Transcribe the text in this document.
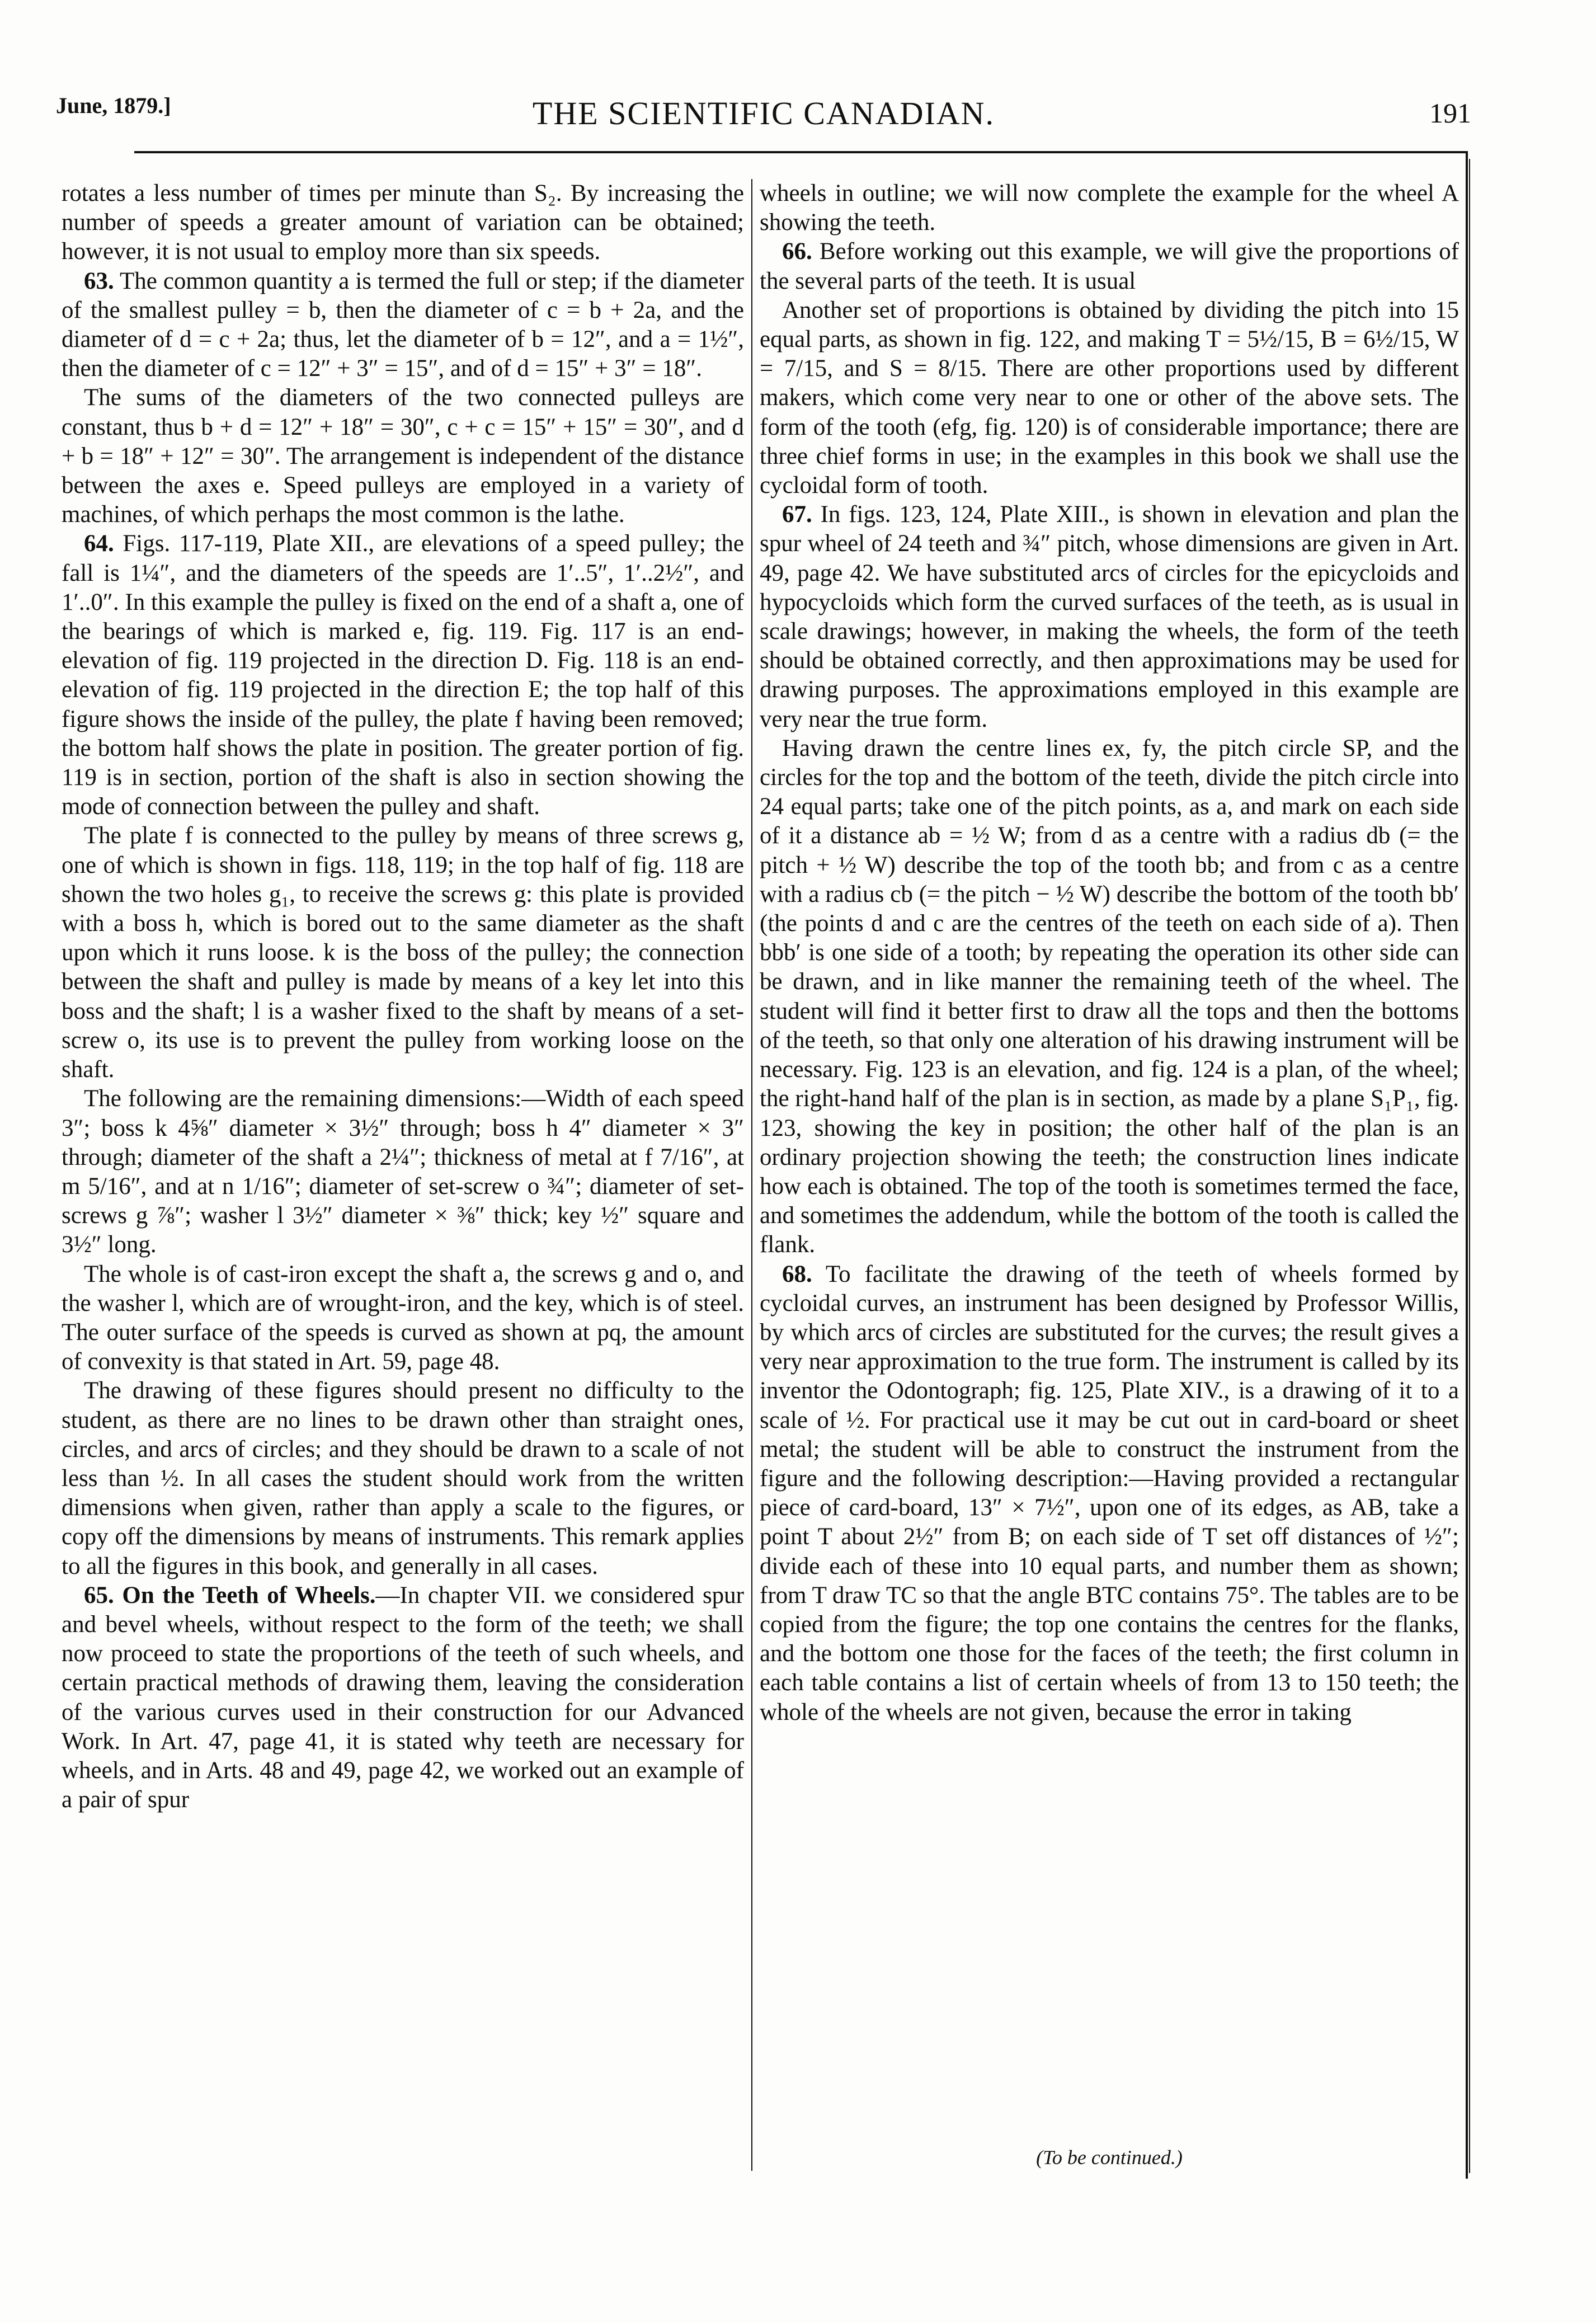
June, 1879.]	THE SCIENTIFIC CANADIAN.	191

rotates a less number of times per minute than S₂. By increasing the number of speeds a greater amount of variation can be obtained; however, it is not usual to employ more than six speeds.

63. The common quantity a is termed the full or step; if the diameter of the smallest pulley = b, then the diameter of c = b + 2a, and the diameter of d = c + 2a; thus, let the diameter of b = 12″, and a = 1½″, then the diameter of c = 12″ + 3″ = 15″, and of d = 15″ + 3″ = 18″.

The sums of the diameters of the two connected pulleys are constant, thus b + d = 12″ + 18″ = 30″, c + c = 15″ + 15″ = 30″, and d + b = 18″ + 12″ = 30″. The arrangement is independent of the distance between the axes e. Speed pulleys are employed in a variety of machines, of which perhaps the most common is the lathe.

64. Figs. 117-119, Plate XII., are elevations of a speed pulley; the fall is 1¼″, and the diameters of the speeds are 1′..5″, 1′..2½″, and 1′..0″. In this example the pulley is fixed on the end of a shaft a, one of the bearings of which is marked e, fig. 119. Fig. 117 is an end-elevation of fig. 119 projected in the direction D. Fig. 118 is an end-elevation of fig. 119 projected in the direction E; the top half of this figure shows the inside of the pulley, the plate f having been removed; the bottom half shows the plate in position. The greater portion of fig. 119 is in section, portion of the shaft is also in section showing the mode of connection between the pulley and shaft.

The plate f is connected to the pulley by means of three screws g, one of which is shown in figs. 118, 119; in the top half of fig. 118 are shown the two holes g₁, to receive the screws g: this plate is provided with a boss h, which is bored out to the same diameter as the shaft upon which it runs loose. k is the boss of the pulley; the connection between the shaft and pulley is made by means of a key let into this boss and the shaft; l is a washer fixed to the shaft by means of a set-screw o, its use is to prevent the pulley from working loose on the shaft.

The following are the remaining dimensions:—Width of each speed 3″; boss k 4⅝″ diameter × 3½″ through; boss h 4″ diameter × 3″ through; diameter of the shaft a 2¼″; thickness of metal at f 7/16″, at m 5/16″, and at n 1/16″; diameter of set-screw o ¾″; diameter of set-screws g ⅞″; washer l 3½″ diameter × ⅜″ thick; key ½″ square and 3½″ long.

The whole is of cast-iron except the shaft a, the screws g and o, and the washer l, which are of wrought-iron, and the key, which is of steel. The outer surface of the speeds is curved as shown at pq, the amount of convexity is that stated in Art. 59, page 48.

The drawing of these figures should present no difficulty to the student, as there are no lines to be drawn other than straight ones, circles, and arcs of circles; and they should be drawn to a scale of not less than ½. In all cases the student should work from the written dimensions when given, rather than apply a scale to the figures, or copy off the dimensions by means of instruments. This remark applies to all the figures in this book, and generally in all cases.

65. On the Teeth of Wheels.—In chapter VII. we considered spur and bevel wheels, without respect to the form of the teeth; we shall now proceed to state the proportions of the teeth of such wheels, and certain practical methods of drawing them, leaving the consideration of the various curves used in their construction for our Advanced Work. In Art. 47, page 41, it is stated why teeth are necessary for wheels, and in Arts. 48 and 49, page 42, we worked out an example of a pair of spur

wheels in outline; we will now complete the example for the wheel A showing the teeth.

66. Before working out this example, we will give the proportions of the several parts of the teeth. It is usual

Another set of proportions is obtained by dividing the pitch into 15 equal parts, as shown in fig. 122, and making T = 5½/15, B = 6½/15, W = 7/15, and S = 8/15. There are other proportions used by different makers, which come very near to one or other of the above sets. The form of the tooth (efg, fig. 120) is of considerable importance; there are three chief forms in use; in the examples in this book we shall use the cycloidal form of tooth.

67. In figs. 123, 124, Plate XIII., is shown in elevation and plan the spur wheel of 24 teeth and ¾″ pitch, whose dimensions are given in Art. 49, page 42. We have substituted arcs of circles for the epicycloids and hypocycloids which form the curved surfaces of the teeth, as is usual in scale drawings; however, in making the wheels, the form of the teeth should be obtained correctly, and then approximations may be used for drawing purposes. The approximations employed in this example are very near the true form.

Having drawn the centre lines ex, fy, the pitch circle SP, and the circles for the top and the bottom of the teeth, divide the pitch circle into 24 equal parts; take one of the pitch points, as a, and mark on each side of it a distance ab = ½ W; from d as a centre with a radius db (= the pitch + ½ W) describe the top of the tooth bb; and from c as a centre with a radius cb (= the pitch − ½ W) describe the bottom of the tooth bb′ (the points d and c are the centres of the teeth on each side of a). Then bbb′ is one side of a tooth; by repeating the operation its other side can be drawn, and in like manner the remaining teeth of the wheel. The student will find it better first to draw all the tops and then the bottoms of the teeth, so that only one alteration of his drawing instrument will be necessary. Fig. 123 is an elevation, and fig. 124 is a plan, of the wheel; the right-hand half of the plan is in section, as made by a plane S₁P₁, fig. 123, showing the key in position; the other half of the plan is an ordinary projection showing the teeth; the construction lines indicate how each is obtained. The top of the tooth is sometimes termed the face, and sometimes the addendum, while the bottom of the tooth is called the flank.

68. To facilitate the drawing of the teeth of wheels formed by cycloidal curves, an instrument has been designed by Professor Willis, by which arcs of circles are substituted for the curves; the result gives a very near approximation to the true form. The instrument is called by its inventor the Odontograph; fig. 125, Plate XIV., is a drawing of it to a scale of ½. For practical use it may be cut out in card-board or sheet metal; the student will be able to construct the instrument from the figure and the following description:—Having provided a rectangular piece of card-board, 13″ × 7½″, upon one of its edges, as AB, take a point T about 2½″ from B; on each side of T set off distances of ½″; divide each of these into 10 equal parts, and number them as shown; from T draw TC so that the angle BTC contains 75°. The tables are to be copied from the figure; the top one contains the centres for the flanks, and the bottom one those for the faces of the teeth; the first column in each table contains a list of certain wheels of from 13 to 150 teeth; the whole of the wheels are not given, because the error in taking

(To be continued.)
